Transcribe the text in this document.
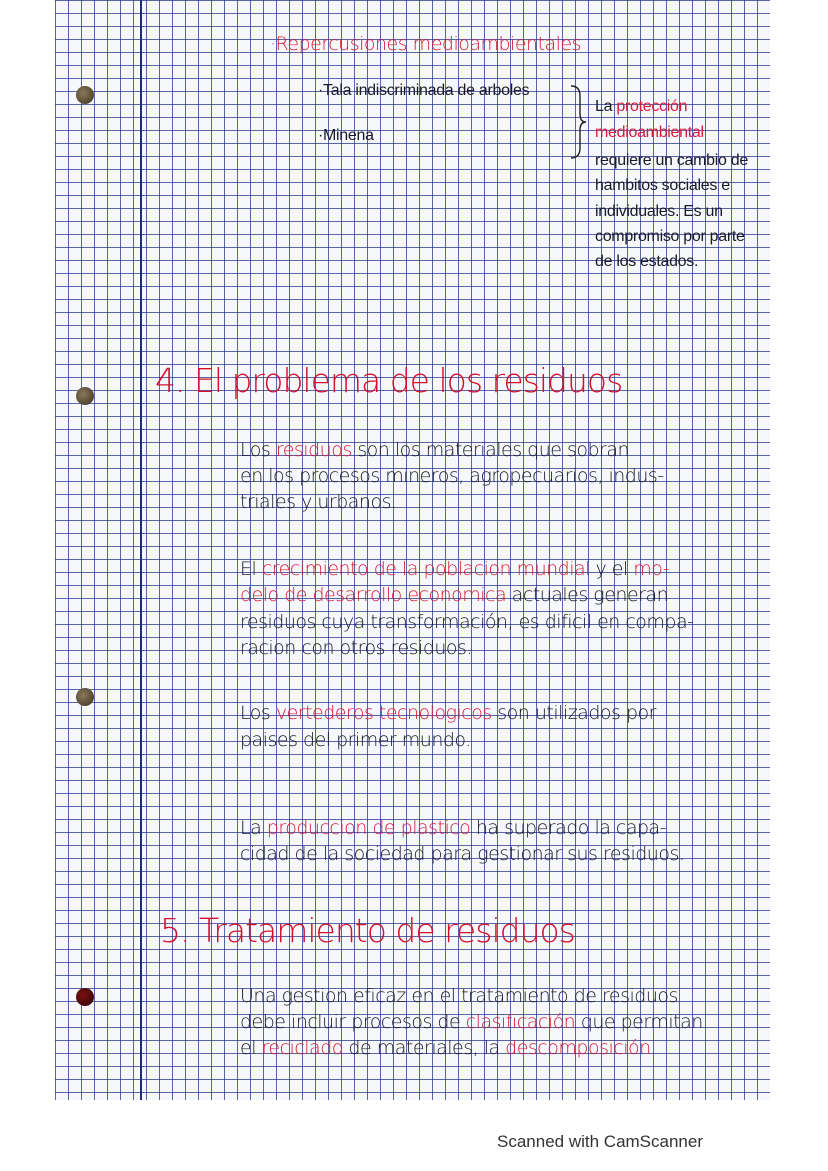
·Repercusiones medioambientales
·Tala indiscriminada de arboles
·Minena
La protección
medioambiental
requiere un cambio de
hambitos sociales e
individuales. Es un
compromiso por parte
de los estados.
Los residuos son los materiales que sobran
en los procesos mineros, agropecuarios, indus-
triales y urbanos.
El crecimiento de la poblacion mundial y el mo-
delo de desarrollo economica actuales generan
residuos cuya transformación, es dificil en compa-
racion con otros residuos.
Los vertederos tecnologicos son utilizados por
paises del primer mundo.
La produccion de plastico ha superado la capa-
cidad de la sociedad para gestionar sus residuos.
Una gestion eficaz en el tratamiento de residuos
debe incluir procesos de clasificación que permitan
el reciclado de materiales, la descomposición
4. El problema de los residuos
5. Tratamiento de residuos
Scanned with CamScanner
